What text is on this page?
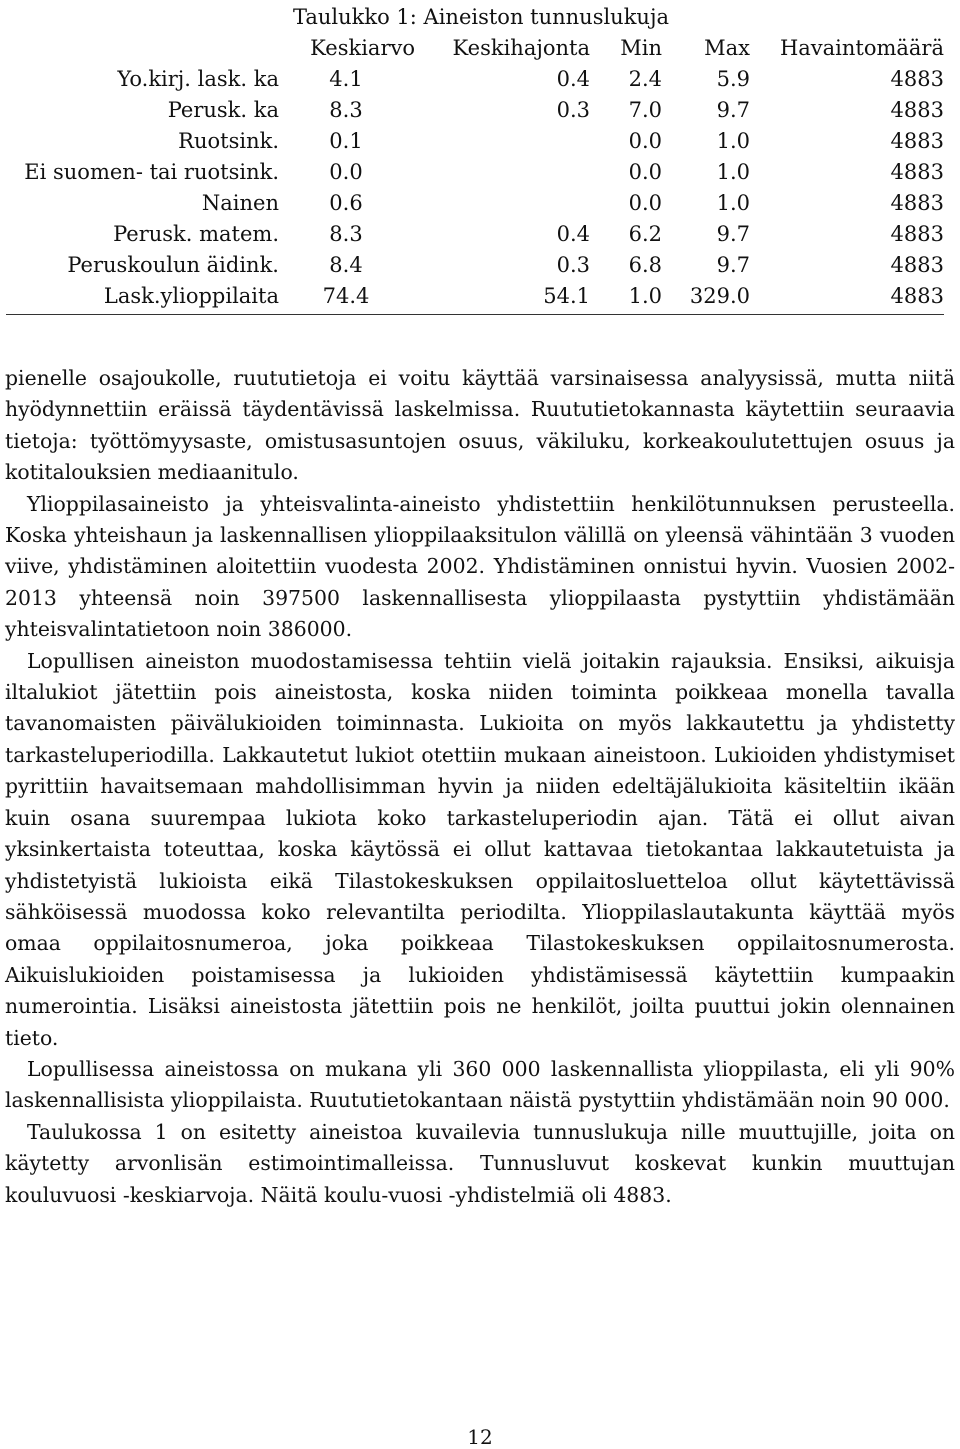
Taulukko 1: Aineiston tunnuslukuja
	Keskiarvo	Keskihajonta	Min	Max	Havaintomäärä
Yo.kirj. lask. ka	4.1	0.4	2.4	5.9	4883
Perusk. ka	8.3	0.3	7.0	9.7	4883
Ruotsink.	0.1		0.0	1.0	4883
Ei suomen- tai ruotsink.	0.0		0.0	1.0	4883
Nainen	0.6		0.0	1.0	4883
Perusk. matem.	8.3	0.4	6.2	9.7	4883
Peruskoulun äidink.	8.4	0.3	6.8	9.7	4883
Lask.ylioppilaita	74.4	54.1	1.0	329.0	4883

pienelle osajoukolle, ruututietoja ei voitu käyttää varsinaisessa analyysissä, mutta niitä hyödynnettiin eräissä täydentävissä laskelmissa. Ruututietokannasta käytettiin seuraavia tietoja: työttömyysaste, omistusasuntojen osuus, väkiluku, korkeakoulutettujen osuus ja kotitalouksien mediaanitulo.

Ylioppilasaineisto ja yhteisvalinta-aineisto yhdistettiin henkilötunnuksen perusteella. Koska yhteishaun ja laskennallisen ylioppilaaksitulon välillä on yleensä vähintään 3 vuoden viive, yhdistäminen aloitettiin vuodesta 2002. Yhdistäminen onnistui hyvin. Vuosien 2002-2013 yhteensä noin 397500 laskennallisesta ylioppilaasta pystyttiin yhdistämään yhteisvalintatietoon noin 386000.

Lopullisen aineiston muodostamisessa tehtiin vielä joitakin rajauksia. Ensiksi, aikuisja iltalukiot jätettiin pois aineistosta, koska niiden toiminta poikkeaa monella tavalla tavanomaisten päivälukioiden toiminnasta. Lukioita on myös lakkautettu ja yhdistetty tarkasteluperiodilla. Lakkautetut lukiot otettiin mukaan aineistoon. Lukioiden yhdistymiset pyrittiin havaitsemaan mahdollisimman hyvin ja niiden edeltäjälukioita käsiteltiin ikään kuin osana suurempaa lukiota koko tarkasteluperiodin ajan. Tätä ei ollut aivan yksinkertaista toteuttaa, koska käytössä ei ollut kattavaa tietokantaa lakkautetuista ja yhdistetyistä lukioista eikä Tilastokeskuksen oppilaitosluetteloa ollut käytettävissä sähköisessä muodossa koko relevantilta periodilta. Ylioppilaslautakunta käyttää myös omaa oppilaitosnumeroa, joka poikkeaa Tilastokeskuksen oppilaitosnumerosta. Aikuislukioiden poistamisessa ja lukioiden yhdistämisessä käytettiin kumpaakin numerointia. Lisäksi aineistosta jätettiin pois ne henkilöt, joilta puuttui jokin olennainen tieto.

Lopullisessa aineistossa on mukana yli 360 000 laskennallista ylioppilasta, eli yli 90% laskennallisista ylioppilaista. Ruututietokantaan näistä pystyttiin yhdistämään noin 90 000.

Taulukossa 1 on esitetty aineistoa kuvailevia tunnuslukuja nille muuttujille, joita on käytetty arvonlisän estimointimalleissa. Tunnusluvut koskevat kunkin muuttujan kouluvuosi -keskiarvoja. Näitä koulu-vuosi -yhdistelmiä oli 4883.

12
